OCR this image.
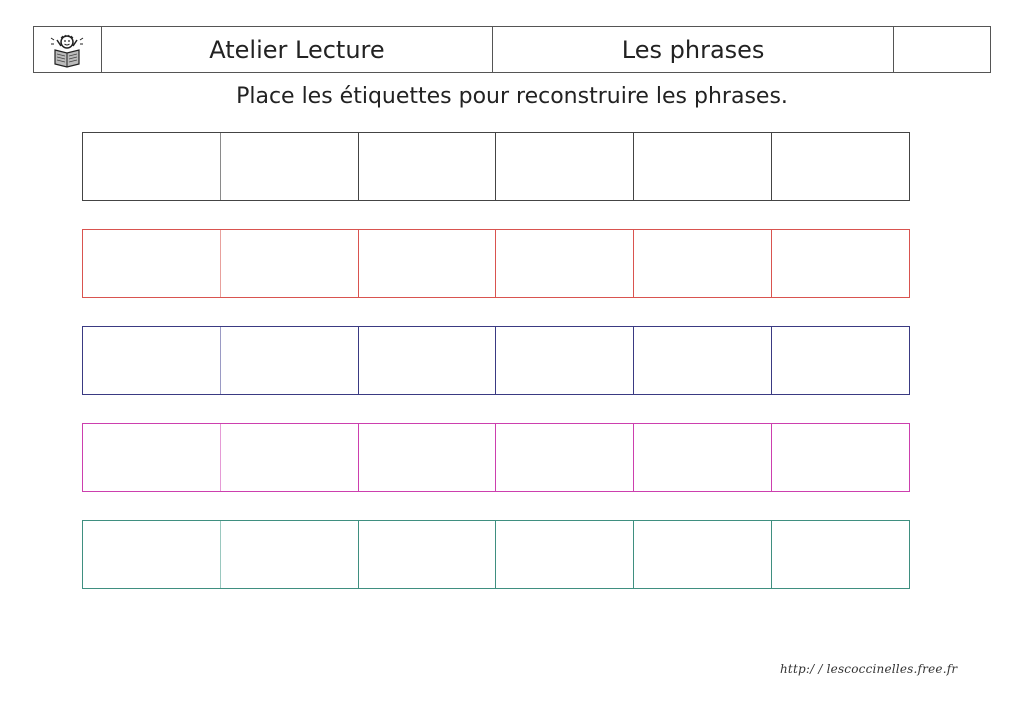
Atelier Lecture	Les phrases
Place les étiquettes pour reconstruire les phrases.
http:/ / lescoccinelles.free.fr
